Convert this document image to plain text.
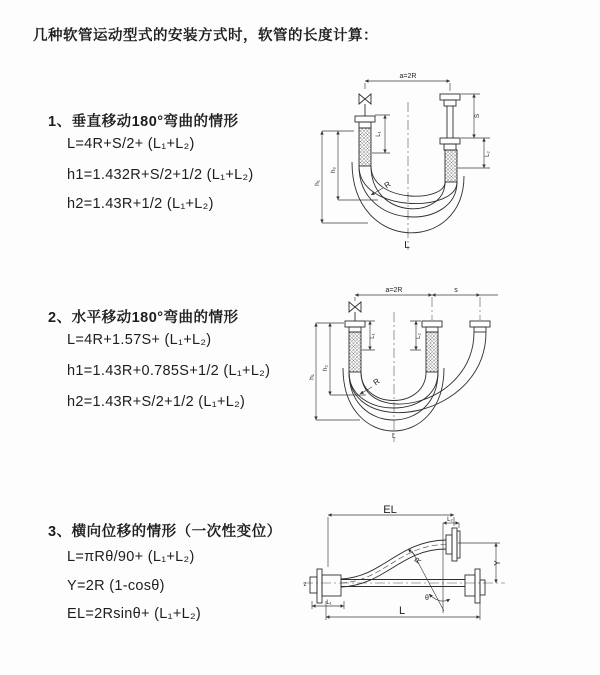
几种软管运动型式的安装方式时，软管的长度计算：
1、垂直移动180°弯曲的情形
L=4R+S/2+ (L₁+L₂)
h1=1.432R+S/2+1/2 (L₁+L₂)
h2=1.43R+1/2 (L₁+L₂)
2、水平移动180°弯曲的情形
L=4R+1.57S+ (L₁+L₂)
h1=1.43R+0.785S+1/2 (L₁+L₂)
h2=1.43R+S/2+1/2 (L₁+L₂)
3、横向位移的情形（一次性变位）
L=πRθ/90+ (L₁+L₂)
Y=2R (1-cosθ)
EL=2Rsinθ+ (L₁+L₂)
a=2R
h₁
h₂
L₁
S
L₂
R
L
a=2R	s
h₁
h₂
L₁	L₂
R
L
EL
L₂
Y
R
θ
L
L₁
z
